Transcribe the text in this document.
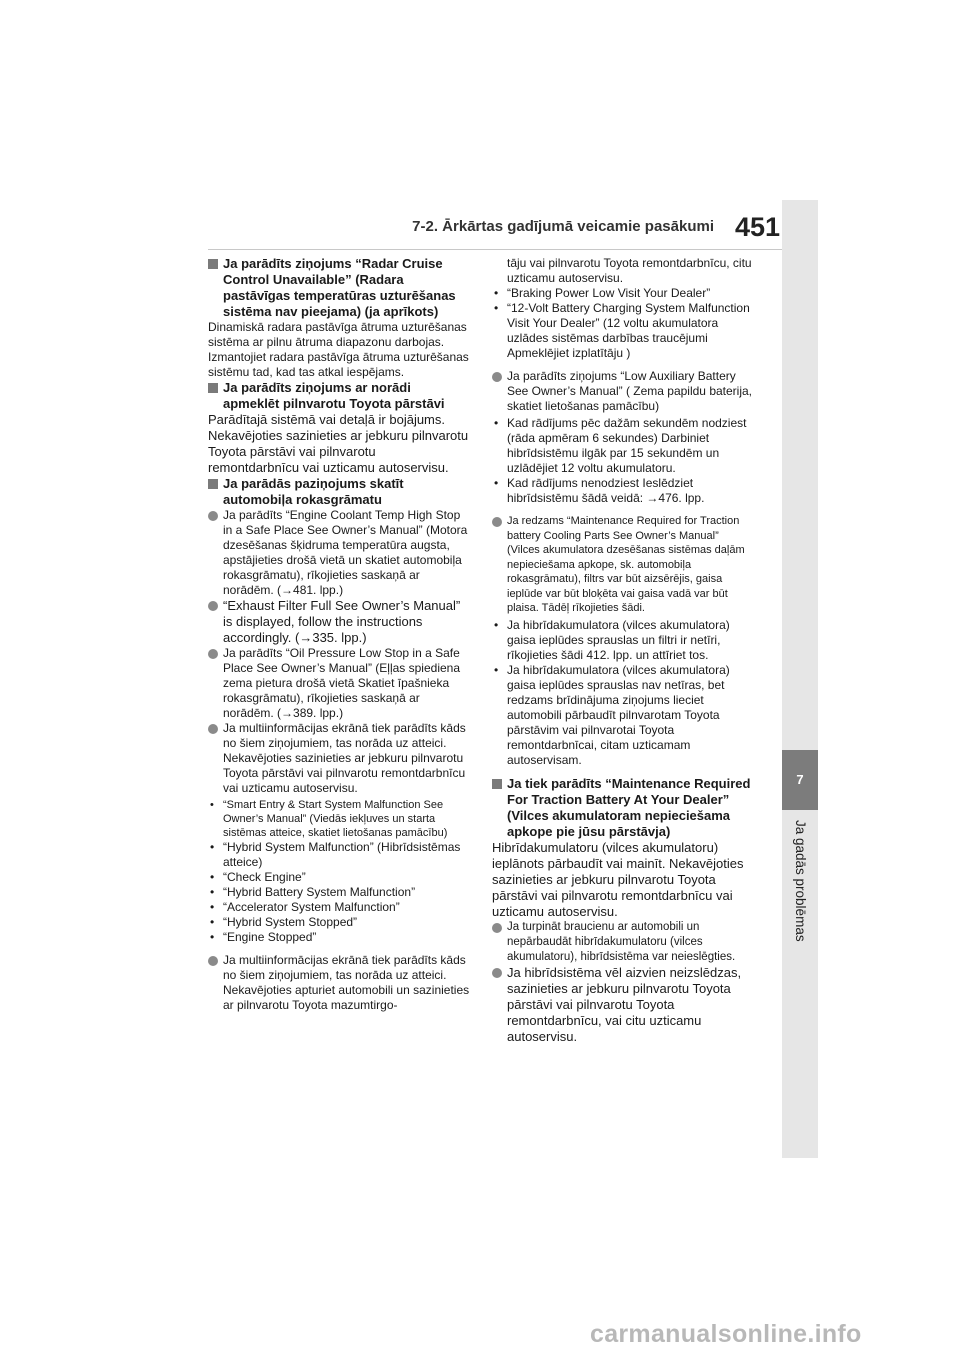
7-2. Ārkārtas gadījumā veicamie pasākumi 451
7
Ja gadās problēmas

Ja parādīts ziņojums “Radar Cruise Control Unavailable” (Radara pastāvīgas temperatūras uzturēšanas sistēma nav pieejama) (ja aprīkots)

Dinamiskā radara pastāvīga ātruma uzturēšanas sistēma ar pilnu ātruma diapazonu darbojas. Izmantojiet radara pastāvīga ātruma uzturēšanas sistēmu tad, kad tas atkal iespējams.

Ja parādīts ziņojums ar norādi apmeklēt pilnvarotu Toyota pārstāvi

Parādītajā sistēmā vai detaļā ir bojājums. Nekavējoties sazinieties ar jebkuru pilnvarotu Toyota pārstāvi vai pilnvarotu remontdarbnīcu vai uzticamu autoservisu.

Ja parādās paziņojums skatīt automobiļa rokasgrāmatu

Ja parādīts “Engine Coolant Temp High Stop in a Safe Place See Owner’s Manual” (Motora dzesēšanas šķidruma temperatūra augsta, apstājieties drošā vietā un skatiet automobiļa rokasgrāmatu), rīkojieties saskaņā ar norādēm. (→481. lpp.)

“Exhaust Filter Full See Owner’s Manual” is displayed, follow the instructions accordingly. (→335. lpp.)

Ja parādīts “Oil Pressure Low Stop in a Safe Place See Owner’s Manual” (Eļļas spiediena zema pietura drošā vietā Skatiet īpašnieka rokasgrāmatu), rīkojieties saskaņā ar norādēm. (→389. lpp.)

Ja multiinformācijas ekrānā tiek parādīts kāds no šiem ziņojumiem, tas norāda uz atteici. Nekavējoties sazinieties ar jebkuru pilnvarotu Toyota pārstāvi vai pilnvarotu remontdarbnīcu vai uzticamu autoservisu.

• “Smart Entry & Start System Malfunction See Owner’s Manual” (Viedās iekļuves un starta sistēmas atteice, skatiet lietošanas pamācību)
• “Hybrid System Malfunction” (Hibrīdsistēmas atteice)
• “Check Engine”
• “Hybrid Battery System Malfunction”
• “Accelerator System Malfunction”
• “Hybrid System Stopped”
• “Engine Stopped”

Ja multiinformācijas ekrānā tiek parādīts kāds no šiem ziņojumiem, tas norāda uz atteici. Nekavējoties apturiet automobili un sazinieties ar pilnvarotu Toyota mazumtirgo-

tāju vai pilnvarotu Toyota remontdarbnīcu, citu uzticamu autoservisu.

• “Braking Power Low Visit Your Dealer”
• “12-Volt Battery Charging System Malfunction Visit Your Dealer” (12 voltu akumulatora uzlādes sistēmas darbības traucējumi Apmeklējiet izplatītāju )

Ja parādīts ziņojums “Low Auxiliary Battery See Owner’s Manual” ( Zema papildu baterija, skatiet lietošanas pamācību)

• Kad rādījums pēc dažām sekundēm nodziest (rāda apmēram 6 sekundes) Darbiniet hibrīdsistēmu ilgāk par 15 sekundēm un uzlādējiet 12 voltu akumulatoru.
• Kad rādījums nenodziest Ieslēdziet hibrīdsistēmu šādā veidā: →476. lpp.

Ja redzams “Maintenance Required for Traction battery Cooling Parts See Owner’s Manual” (Vilces akumulatora dzesēšanas sistēmas daļām nepieciešama apkope, sk. automobiļa rokasgrāmatu), filtrs var būt aizsērējis, gaisa ieplūde var būt bloķēta vai gaisa vadā var būt plaisa. Tādēļ rīkojieties šādi.

• Ja hibrīdakumulatora (vilces akumulatora) gaisa ieplūdes sprauslas un filtri ir netīri, rīkojieties šādi 412. lpp. un attīriet tos.
• Ja hibrīdakumulatora (vilces akumulatora) gaisa ieplūdes sprauslas nav netīras, bet redzams brīdinājuma ziņojums lieciet automobili pārbaudīt pilnvarotam Toyota pārstāvim vai pilnvarotai Toyota remontdarbnīcai, citam uzticamam autoservisam.

Ja tiek parādīts “Maintenance Required For Traction Battery At Your Dealer” (Vilces akumulatoram nepieciešama apkope pie jūsu pārstāvja)

Hibrīdakumulatoru (vilces akumulatoru) ieplānots pārbaudīt vai mainīt. Nekavējoties sazinieties ar jebkuru pilnvarotu Toyota pārstāvi vai pilnvarotu remontdarbnīcu vai uzticamu autoservisu.

Ja turpināt braucienu ar automobili un nepārbaudāt hibrīdakumulatoru (vilces akumulatoru), hibrīdsistēma var neieslēgties.

Ja hibrīdsistēma vēl aizvien neizslēdzas, sazinieties ar jebkuru pilnvarotu Toyota pārstāvi vai pilnvarotu Toyota remontdarbnīcu, vai citu uzticamu autoservisu.

carmanualsonline.info
